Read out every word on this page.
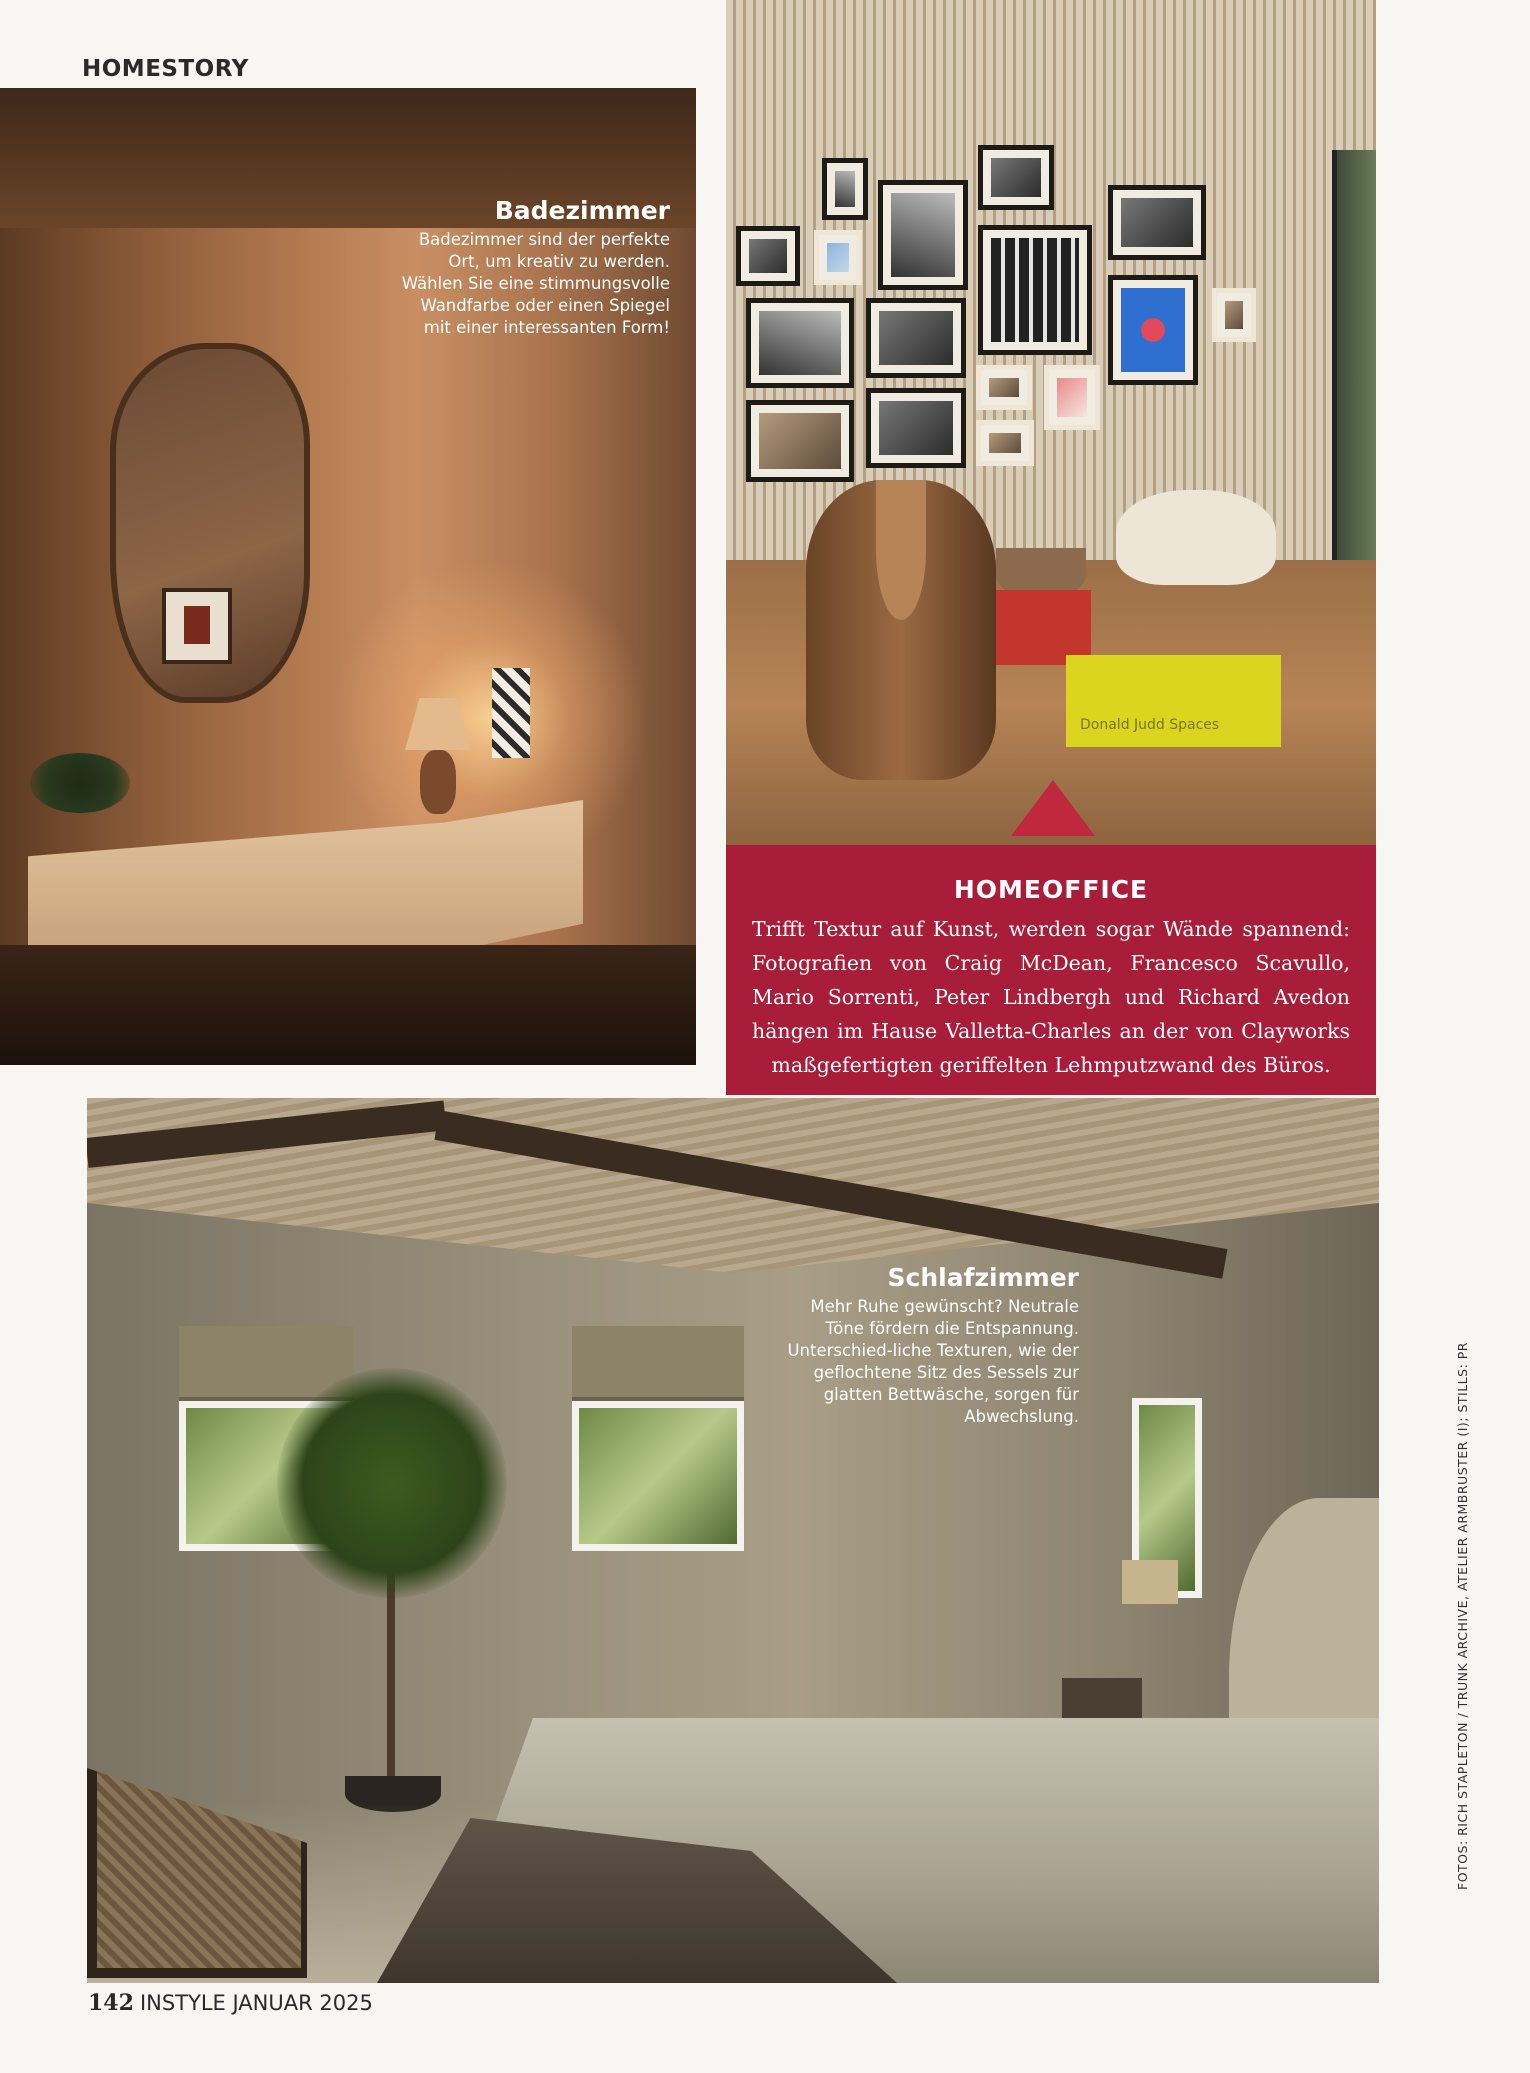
HOMESTORY
Badezimmer

Badezimmer sind der perfekte Ort, um kreativ zu werden. Wählen Sie eine stimmungsvolle Wandfarbe oder einen Spiegel mit einer interessanten Form!

Donald Judd Spaces
HOMEOFFICE

Trifft Textur auf Kunst, werden sogar Wände spannend: Fotografien von Craig McDean, Francesco Scavullo, Mario Sorrenti, Peter Lindbergh und Richard Avedon hängen im Hause Valletta-Charles an der von Clayworks maßgefertigten geriffelten Lehmputzwand des Büros.

Schlafzimmer

Mehr Ruhe gewünscht? Neutrale Töne fördern die Entspannung. Unterschied-liche Texturen, wie der geflochtene Sitz des Sessels zur glatten Bettwäsche, sorgen für Abwechslung.

142 INSTYLE JANUAR 2025
FOTOS: RICH STAPLETON / TRUNK ARCHIVE, ATELIER ARMBRUSTER (I); STILLS: PR
